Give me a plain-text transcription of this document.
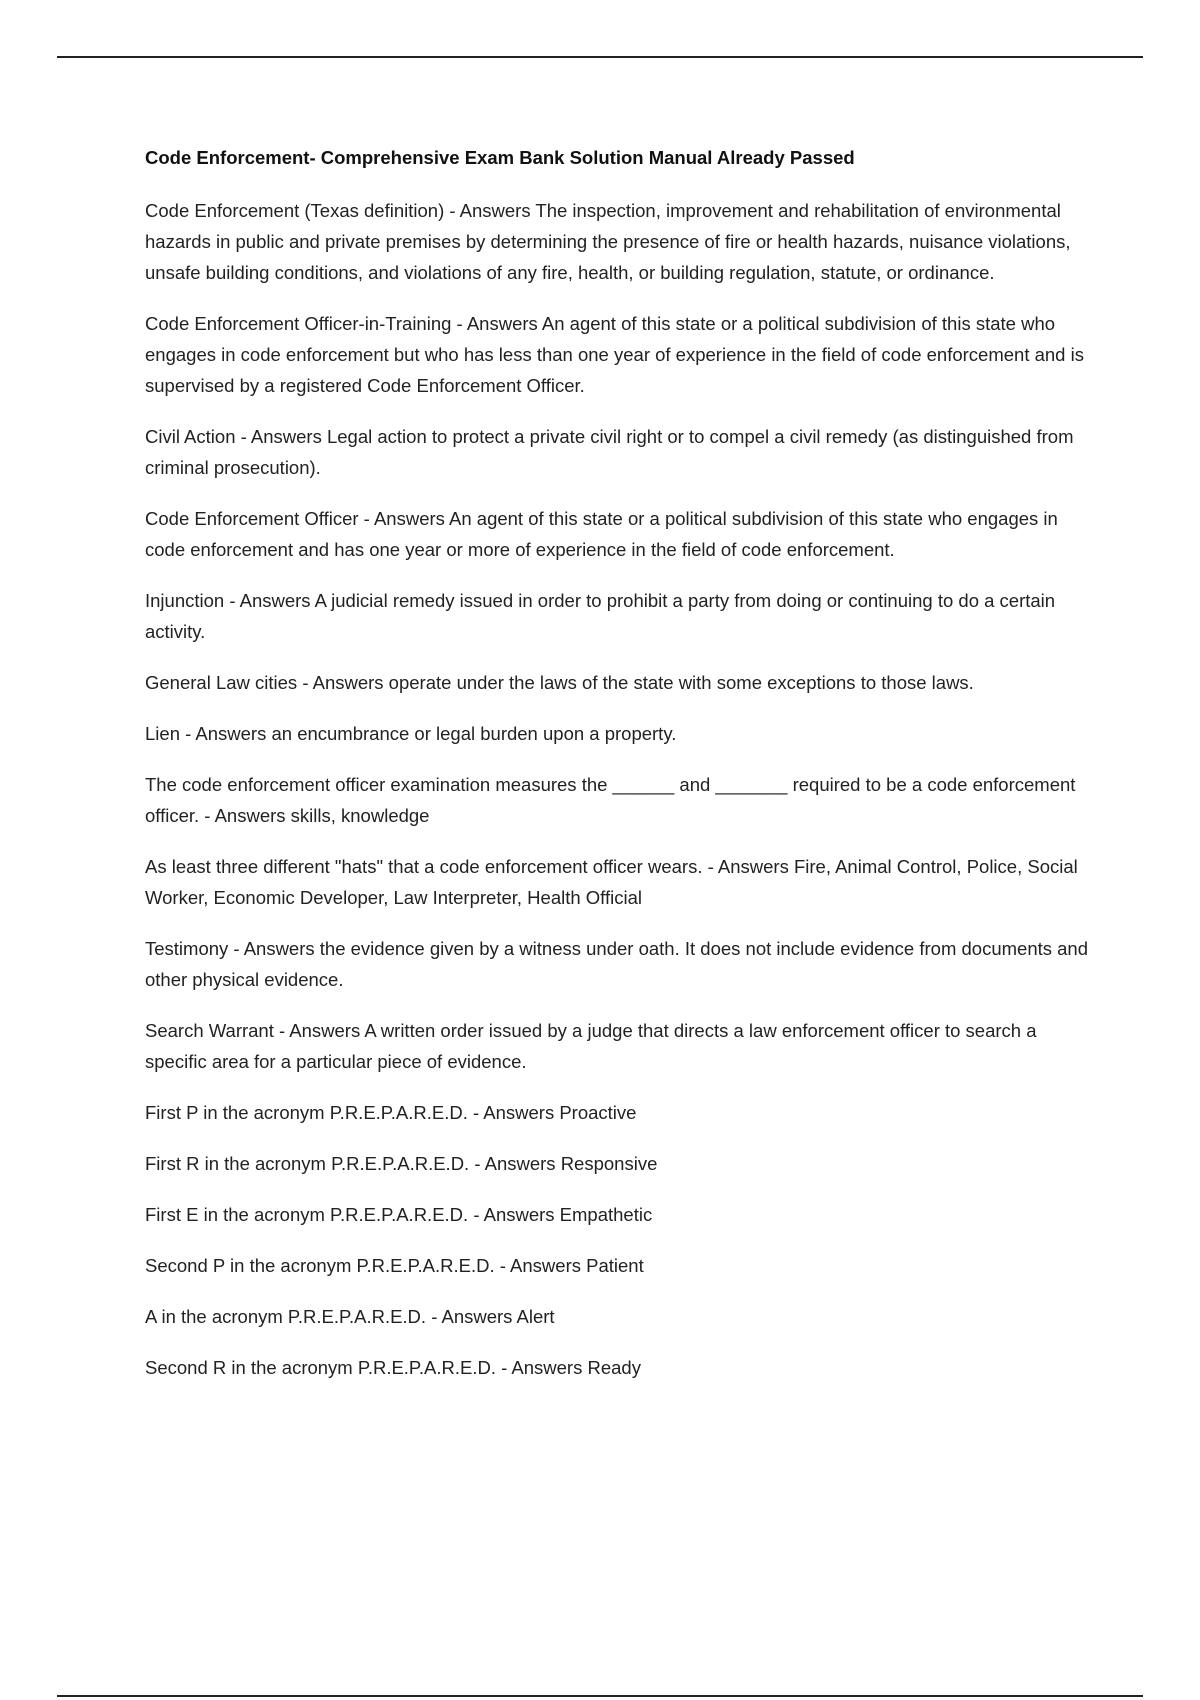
Code Enforcement- Comprehensive Exam Bank Solution Manual Already Passed

Code Enforcement (Texas definition) - Answers The inspection, improvement and rehabilitation of environmental hazards in public and private premises by determining the presence of fire or health hazards, nuisance violations, unsafe building conditions, and violations of any fire, health, or building regulation, statute, or ordinance.

Code Enforcement Officer-in-Training - Answers An agent of this state or a political subdivision of this state who engages in code enforcement but who has less than one year of experience in the field of code enforcement and is supervised by a registered Code Enforcement Officer.

Civil Action - Answers Legal action to protect a private civil right or to compel a civil remedy (as distinguished from criminal prosecution).

Code Enforcement Officer - Answers An agent of this state or a political subdivision of this state who engages in code enforcement and has one year or more of experience in the field of code enforcement.

Injunction - Answers A judicial remedy issued in order to prohibit a party from doing or continuing to do a certain activity.

General Law cities - Answers operate under the laws of the state with some exceptions to those laws.

Lien - Answers an encumbrance or legal burden upon a property.

The code enforcement officer examination measures the ______ and _______ required to be a code enforcement officer. - Answers skills, knowledge

As least three different "hats" that a code enforcement officer wears. - Answers Fire, Animal Control, Police, Social Worker, Economic Developer, Law Interpreter, Health Official

Testimony - Answers the evidence given by a witness under oath. It does not include evidence from documents and other physical evidence.

Search Warrant - Answers A written order issued by a judge that directs a law enforcement officer to search a specific area for a particular piece of evidence.

First P in the acronym P.R.E.P.A.R.E.D. - Answers Proactive

First R in the acronym P.R.E.P.A.R.E.D. - Answers Responsive

First E in the acronym P.R.E.P.A.R.E.D. - Answers Empathetic

Second P in the acronym P.R.E.P.A.R.E.D. - Answers Patient

A in the acronym P.R.E.P.A.R.E.D. - Answers Alert

Second R in the acronym P.R.E.P.A.R.E.D. - Answers Ready
